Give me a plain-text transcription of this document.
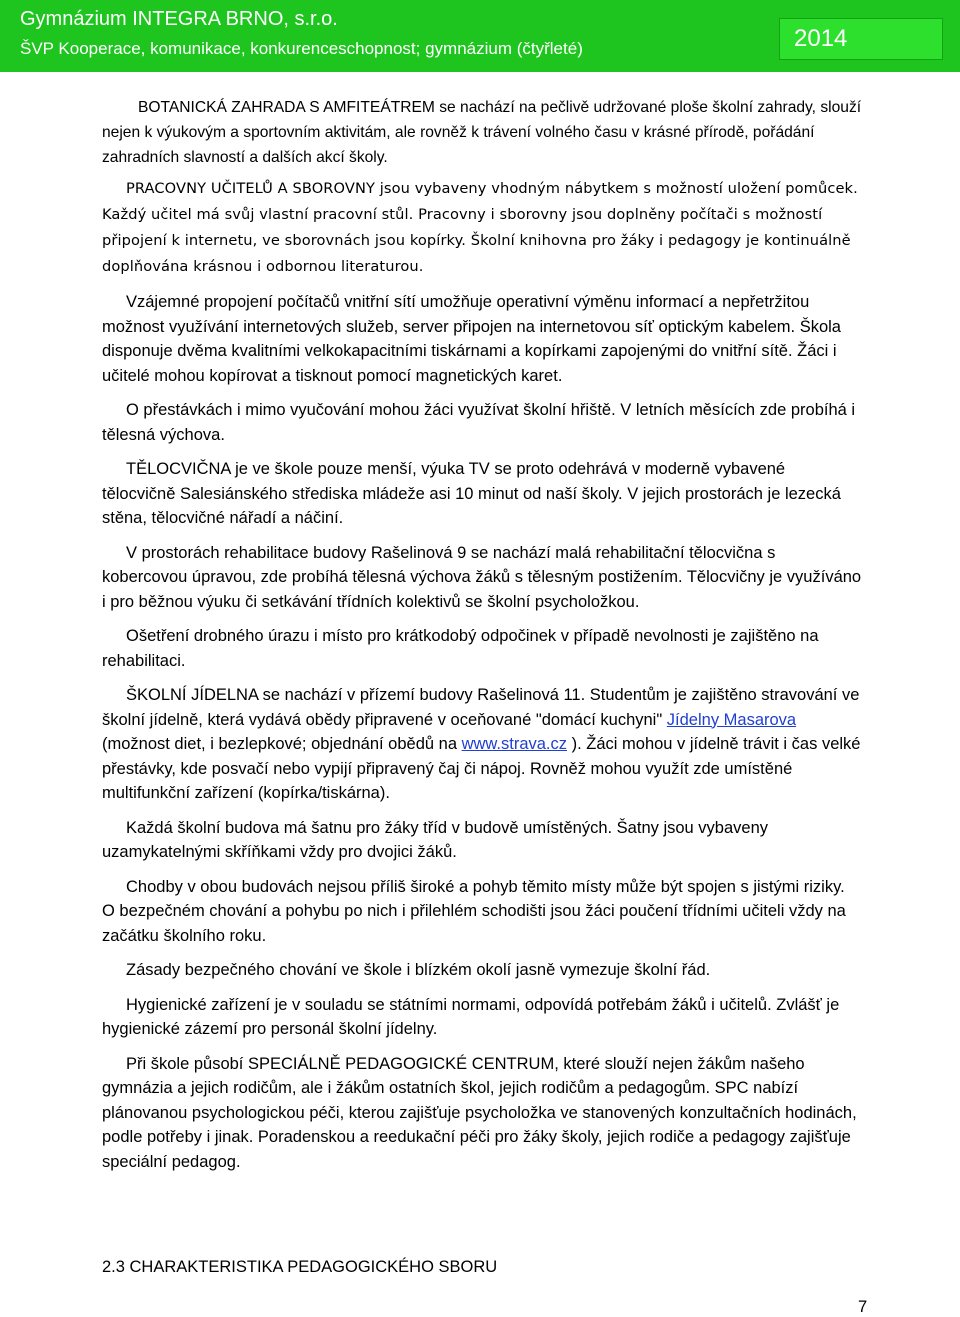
Gymnázium INTEGRA BRNO, s.r.o.
ŠVP Kooperace, komunikace, konkurenceschopnost; gymnázium (čtyřleté)	2014

BOTANICKÁ ZAHRADA S AMFITEÁTREM se nachází na pečlivě udržované ploše školní zahrady, slouží nejen k výukovým a sportovním aktivitám, ale rovněž k trávení volného času v krásné přírodě, pořádání zahradních slavností a dalších akcí školy.

PRACOVNY UČITELŮ A SBOROVNY jsou vybaveny vhodným nábytkem s možností uložení pomůcek. Každý učitel má svůj vlastní pracovní stůl. Pracovny i sborovny jsou doplněny počítači s možností připojení k internetu, ve sborovnách jsou kopírky. Školní knihovna pro žáky i pedagogy je kontinuálně doplňována krásnou i odbornou literaturou.

Vzájemné propojení počítačů vnitřní sítí umožňuje operativní výměnu informací a nepřetržitou možnost využívání internetových služeb, server připojen na internetovou síť optickým kabelem. Škola disponuje dvěma kvalitními velkokapacitními tiskárnami a kopírkami zapojenými do vnitřní sítě. Žáci i učitelé mohou kopírovat a tisknout pomocí magnetických karet.

O přestávkách i mimo vyučování mohou žáci využívat školní hřiště. V letních měsících zde probíhá i tělesná výchova.

TĚLOCVIČNA je ve škole pouze menší, výuka TV se proto odehrává v moderně vybavené tělocvičně Salesiánského střediska mládeže asi 10 minut od naší školy. V jejich prostorách je lezecká stěna, tělocvičné nářadí a náčiní.

V prostorách rehabilitace budovy Rašelinová 9 se nachází malá rehabilitační tělocvična s kobercovou úpravou, zde probíhá tělesná výchova žáků s tělesným postižením. Tělocvičny je využíváno i pro běžnou výuku či setkávání třídních kolektivů se školní psycholožkou.

Ošetření drobného úrazu i místo pro krátkodobý odpočinek v případě nevolnosti je zajištěno na rehabilitaci.

ŠKOLNÍ JÍDELNA se nachází v přízemí budovy Rašelinová 11. Studentům je zajištěno stravování ve školní jídelně, která vydává obědy připravené v oceňované "domácí kuchyni" Jídelny Masarova (možnost diet, i bezlepkové; objednání obědů na www.strava.cz ). Žáci mohou v jídelně trávit i čas velké přestávky, kde posvačí nebo vypijí připravený čaj či nápoj. Rovněž mohou využít zde umístěné multifunkční zařízení (kopírka/tiskárna).

Každá školní budova má šatnu pro žáky tříd v budově umístěných. Šatny jsou vybaveny uzamykatelnými skříňkami vždy pro dvojici žáků.

Chodby v obou budovách nejsou příliš široké a pohyb těmito místy může být spojen s jistými riziky. O bezpečném chování a pohybu po nich i přilehlém schodišti jsou žáci poučení třídními učiteli vždy na začátku školního roku.

Zásady bezpečného chování ve škole i blízkém okolí jasně vymezuje školní řád.

Hygienické zařízení je v souladu se státními normami, odpovídá potřebám žáků i učitelů. Zvlášť je hygienické zázemí pro personál školní jídelny.

Při škole působí SPECIÁLNĚ PEDAGOGICKÉ CENTRUM, které slouží nejen žákům našeho gymnázia a jejich rodičům, ale i žákům ostatních škol, jejich rodičům a pedagogům. SPC nabízí plánovanou psychologickou péči, kterou zajišťuje psycholožka ve stanovených konzultačních hodinách, podle potřeby i jinak. Poradenskou a reedukační péči pro žáky školy, jejich rodiče a pedagogy zajišťuje speciální pedagog.

2.3 CHARAKTERISTIKA PEDAGOGICKÉHO SBORU
7
